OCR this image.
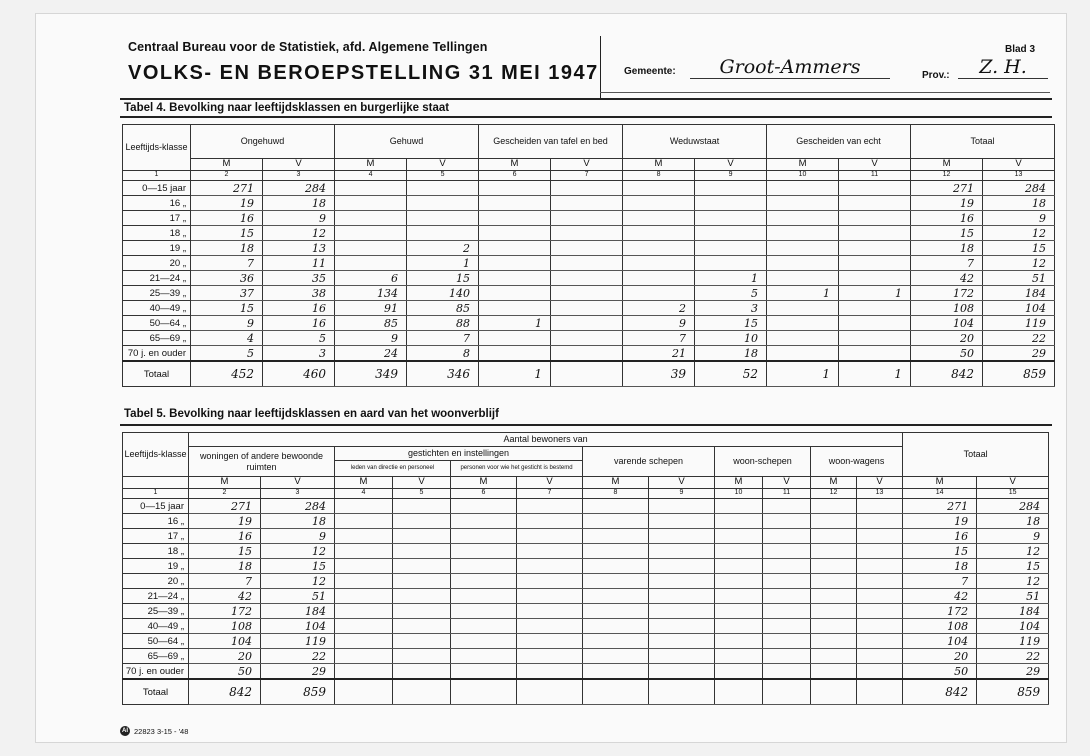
Centraal Bureau voor de Statistiek, afd. Algemene Tellingen
VOLKS- EN BEROEPSTELLING 31 MEI 1947	Gemeente:	Groot-Ammers
Blad 3
Prov.:	Z. H.
Tabel 4. Bevolking naar leeftijdsklassen en burgerlijke staat
Leeftijds-klasse	Ongehuwd		Gehuwd		Gescheiden van tafel en bed		Weduwstaat		Gescheiden van echt		Totaal	
	M	V	M	V	M	V	M	V	M	V	M	V
1	2	3	4	5	6	7	8	9	10	11	12	13
0—15 jaar	271	284									271	284
16 „	19	18									19	18
17 „	16	9									16	9
18 „	15	12									15	12
19 „	18	13		2							18	15
20 „	7	11		1							7	12
21—24 „	36	35	6	15				1			42	51
25—39 „	37	38	134	140				5	1	1	172	184
40—49 „	15	16	91	85			2	3			108	104
50—64 „	9	16	85	88	1		9	15			104	119
65—69 „	4	5	9	7			7	10			20	22
70 j. en ouder	5	3	24	8			21	18			50	29
Totaal	452	460	349	346	1		39	52	1	1	842	859
Tabel 5. Bevolking naar leeftijdsklassen en aard van het woonverblijf
Leeftijds-klasse	Aantal bewoners van												Totaal	
	woningen of andere bewoonde ruimten		gestichten en instellingen				varende schepen		woon-schepen		woon-wagens			
			leden van directie en personeel		personen voor wie het gesticht is bestemd									
	M	V	M	V	M	V	M	V	M	V	M	V	M	V
1	2	3	4	5	6	7	8	9	10	11	12	13	14	15
0—15 jaar	271	284											271	284
16 „	19	18											19	18
17 „	16	9											16	9
18 „	15	12											15	12
19 „	18	15											18	15
20 „	7	12											7	12
21—24 „	42	51											42	51
25—39 „	172	184											172	184
40—49 „	108	104											108	104
50—64 „	104	119											104	119
65—69 „	20	22											20	22
70 j. en ouder	50	29											50	29
Totaal	842	859											842	859
AI 22823 3-15 - '48
